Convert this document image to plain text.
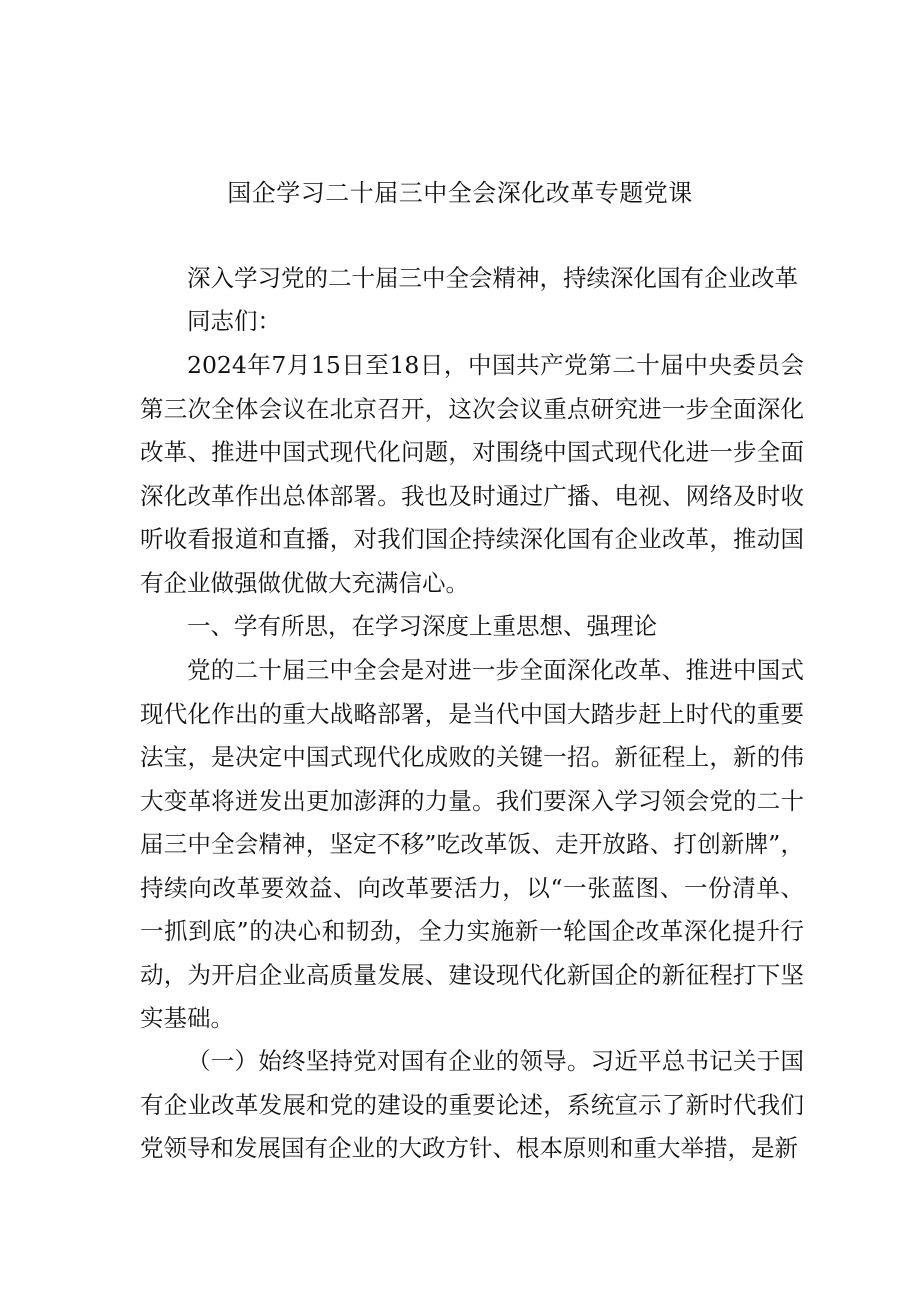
国企学习二十届三中全会深化改革专题党课

深入学习党的二十届三中全会精神，持续深化国有企业改革

同志们：

2024年7月15日至18日，中国共产党第二十届中央委员会第三次全体会议在北京召开，这次会议重点研究进一步全面深化改革、推进中国式现代化问题，对围绕中国式现代化进一步全面深化改革作出总体部署。我也及时通过广播、电视、网络及时收听收看报道和直播，对我们国企持续深化国有企业改革，推动国有企业做强做优做大充满信心。

一、学有所思，在学习深度上重思想、强理论

党的二十届三中全会是对进一步全面深化改革、推进中国式现代化作出的重大战略部署，是当代中国大踏步赶上时代的重要法宝，是决定中国式现代化成败的关键一招。新征程上，新的伟大变革将迸发出更加澎湃的力量。我们要深入学习领会党的二十届三中全会精神，坚定不移”吃改革饭、走开放路、打创新牌”，持续向改革要效益、向改革要活力，以“一张蓝图、一份清单、一抓到底”的决心和韧劲，全力实施新一轮国企改革深化提升行动，为开启企业高质量发展、建设现代化新国企的新征程打下坚实基础。

（一）始终坚持党对国有企业的领导。习近平总书记关于国有企业改革发展和党的建设的重要论述，系统宣示了新时代我们党领导和发展国有企业的大政方针、根本原则和重大举措，是新
